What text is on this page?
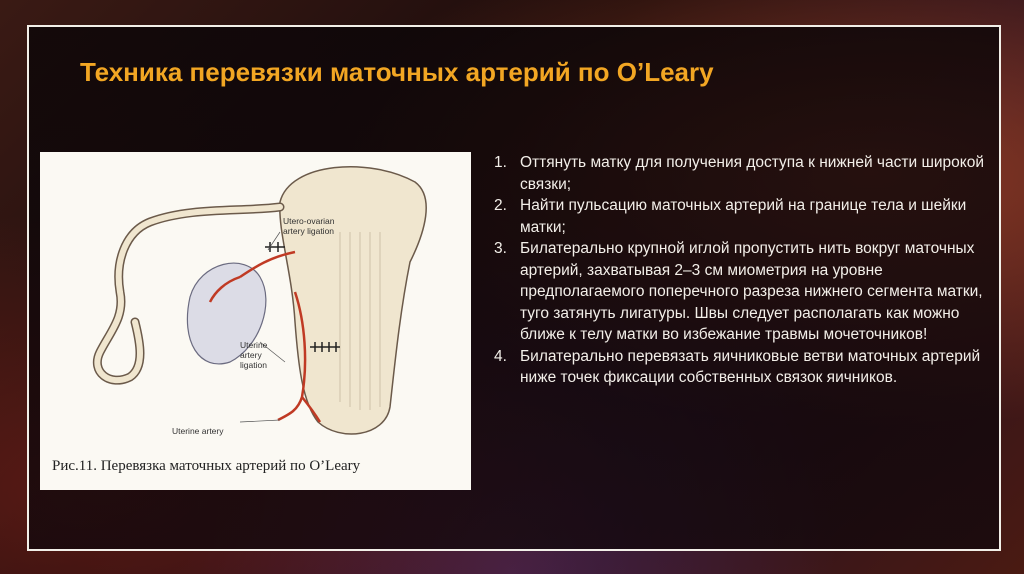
Техника перевязки маточных артерий по O’Leary
Utero-ovarian
artery ligation
Uterine
artery
ligation
Uterine artery
Рис.11. Перевязка маточных артерий по O’Leary
1. Оттянуть матку для получения доступа к нижней части широкой связки;
2. Найти пульсацию маточных артерий на границе тела и шейки матки;
3. Билатерально крупной иглой пропустить нить вокруг маточных артерий, захватывая 2–3 см миометрия на уровне предполагаемого поперечного разреза нижнего сегмента матки, туго затянуть лигатуры. Швы следует располагать как можно ближе к телу матки во избежание травмы мочеточников!
4. Билатерально перевязать яичниковые ветви маточных артерий ниже точек фиксации собственных связок яичников.
